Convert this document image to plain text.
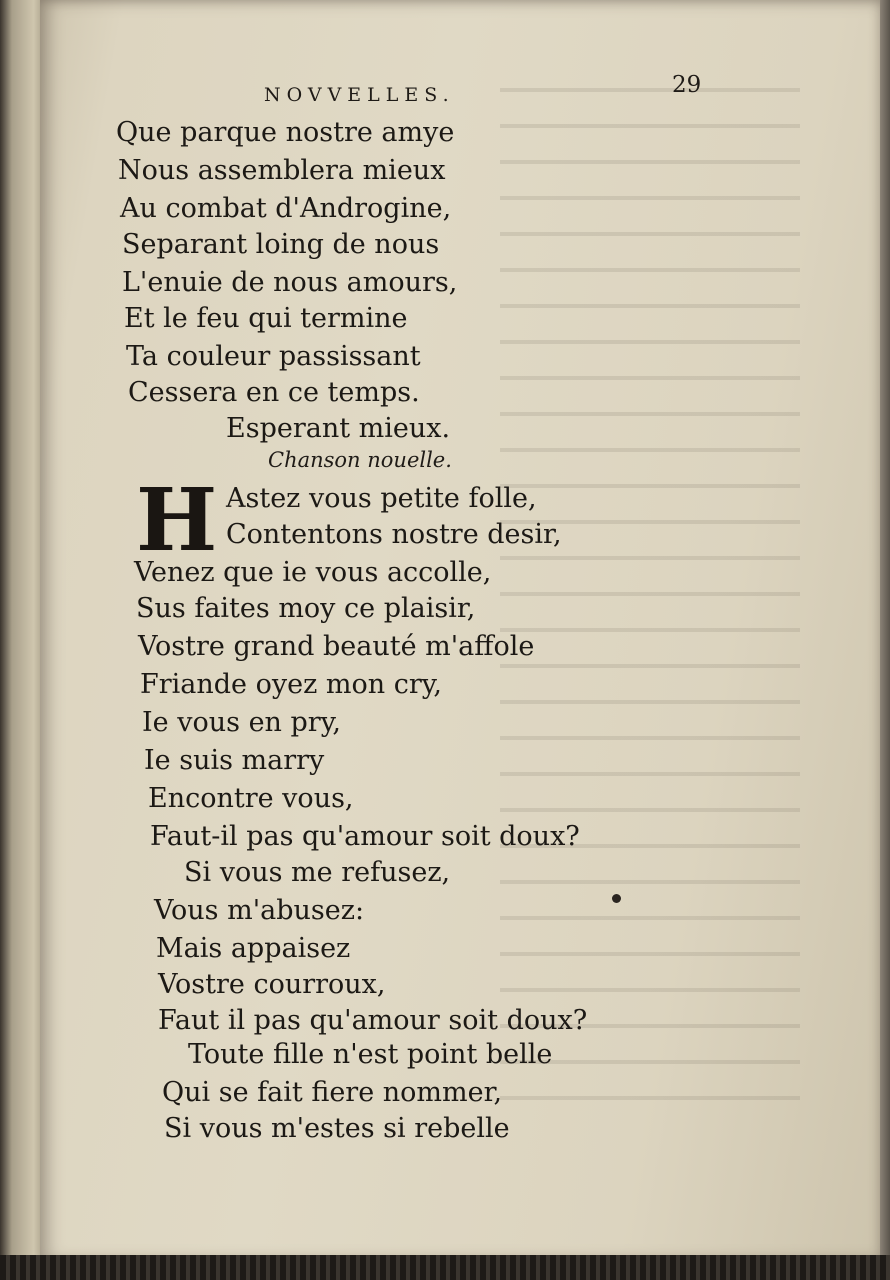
NOVVELLES.	29
Que parque nostre amye
Nous assemblera mieux
Au combat d'Androgine,
Separant loing de nous
L'enuie de nous amours,
Et le feu qui termine
Ta couleur passissant
Cessera en ce temps.
Esperant mieux.
Chanson nouelle.
H Astez vous petite folle,
Contentons nostre desir,
Venez que ie vous accolle,
Sus faites moy ce plaisir,
Vostre grand beauté m'affole
Friande oyez mon cry,
Ie vous en pry,
Ie suis marry
Encontre vous,
Faut-il pas qu'amour soit doux?
Si vous me refusez,
Vous m'abusez:
Mais appaisez
Vostre courroux,
Faut il pas qu'amour soit doux?
Toute fille n'est point belle
Qui se fait fiere nommer,
Si vous m'estes si rebelle
